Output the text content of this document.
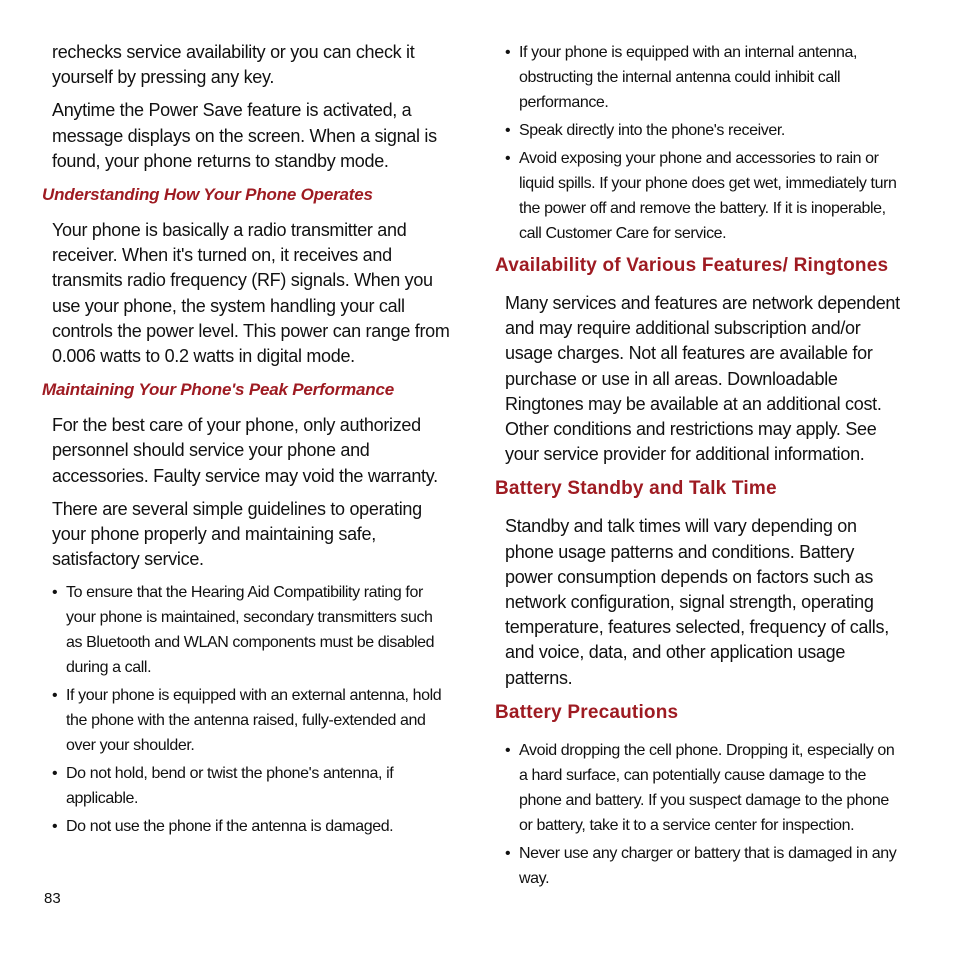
rechecks service availability or you can check it yourself by pressing any key.

Anytime the Power Save feature is activated, a message displays on the screen. When a signal is found, your phone returns to standby mode.

Understanding How Your Phone Operates

Your phone is basically a radio transmitter and receiver. When it's turned on, it receives and transmits radio frequency (RF) signals. When you use your phone, the system handling your call controls the power level. This power can range from 0.006 watts to 0.2 watts in digital mode.

Maintaining Your Phone's Peak Performance

For the best care of your phone, only authorized personnel should service your phone and accessories. Faulty service may void the warranty.

There are several simple guidelines to operating your phone properly and maintaining safe, satisfactory service.

• To ensure that the Hearing Aid Compatibility rating for your phone is maintained, secondary transmitters such as Bluetooth and WLAN components must be disabled during a call.
• If your phone is equipped with an external antenna, hold the phone with the antenna raised, fully-extended and over your shoulder.
• Do not hold, bend or twist the phone's antenna, if applicable.
• Do not use the phone if the antenna is damaged.
• If your phone is equipped with an internal antenna, obstructing the internal antenna could inhibit call performance.
• Speak directly into the phone's receiver.
• Avoid exposing your phone and accessories to rain or liquid spills. If your phone does get wet, immediately turn the power off and remove the battery. If it is inoperable, call Customer Care for service.
Availability of Various Features/ Ringtones

Many services and features are network dependent and may require additional subscription and/or usage charges. Not all features are available for purchase or use in all areas. Downloadable Ringtones may be available at an additional cost. Other conditions and restrictions may apply. See your service provider for additional information.

Battery Standby and Talk Time

Standby and talk times will vary depending on phone usage patterns and conditions. Battery power consumption depends on factors such as network configuration, signal strength, operating temperature, features selected, frequency of calls, and voice, data, and other application usage patterns.

Battery Precautions
• Avoid dropping the cell phone. Dropping it, especially on a hard surface, can potentially cause damage to the phone and battery. If you suspect damage to the phone or battery, take it to a service center for inspection.
• Never use any charger or battery that is damaged in any way.
83
